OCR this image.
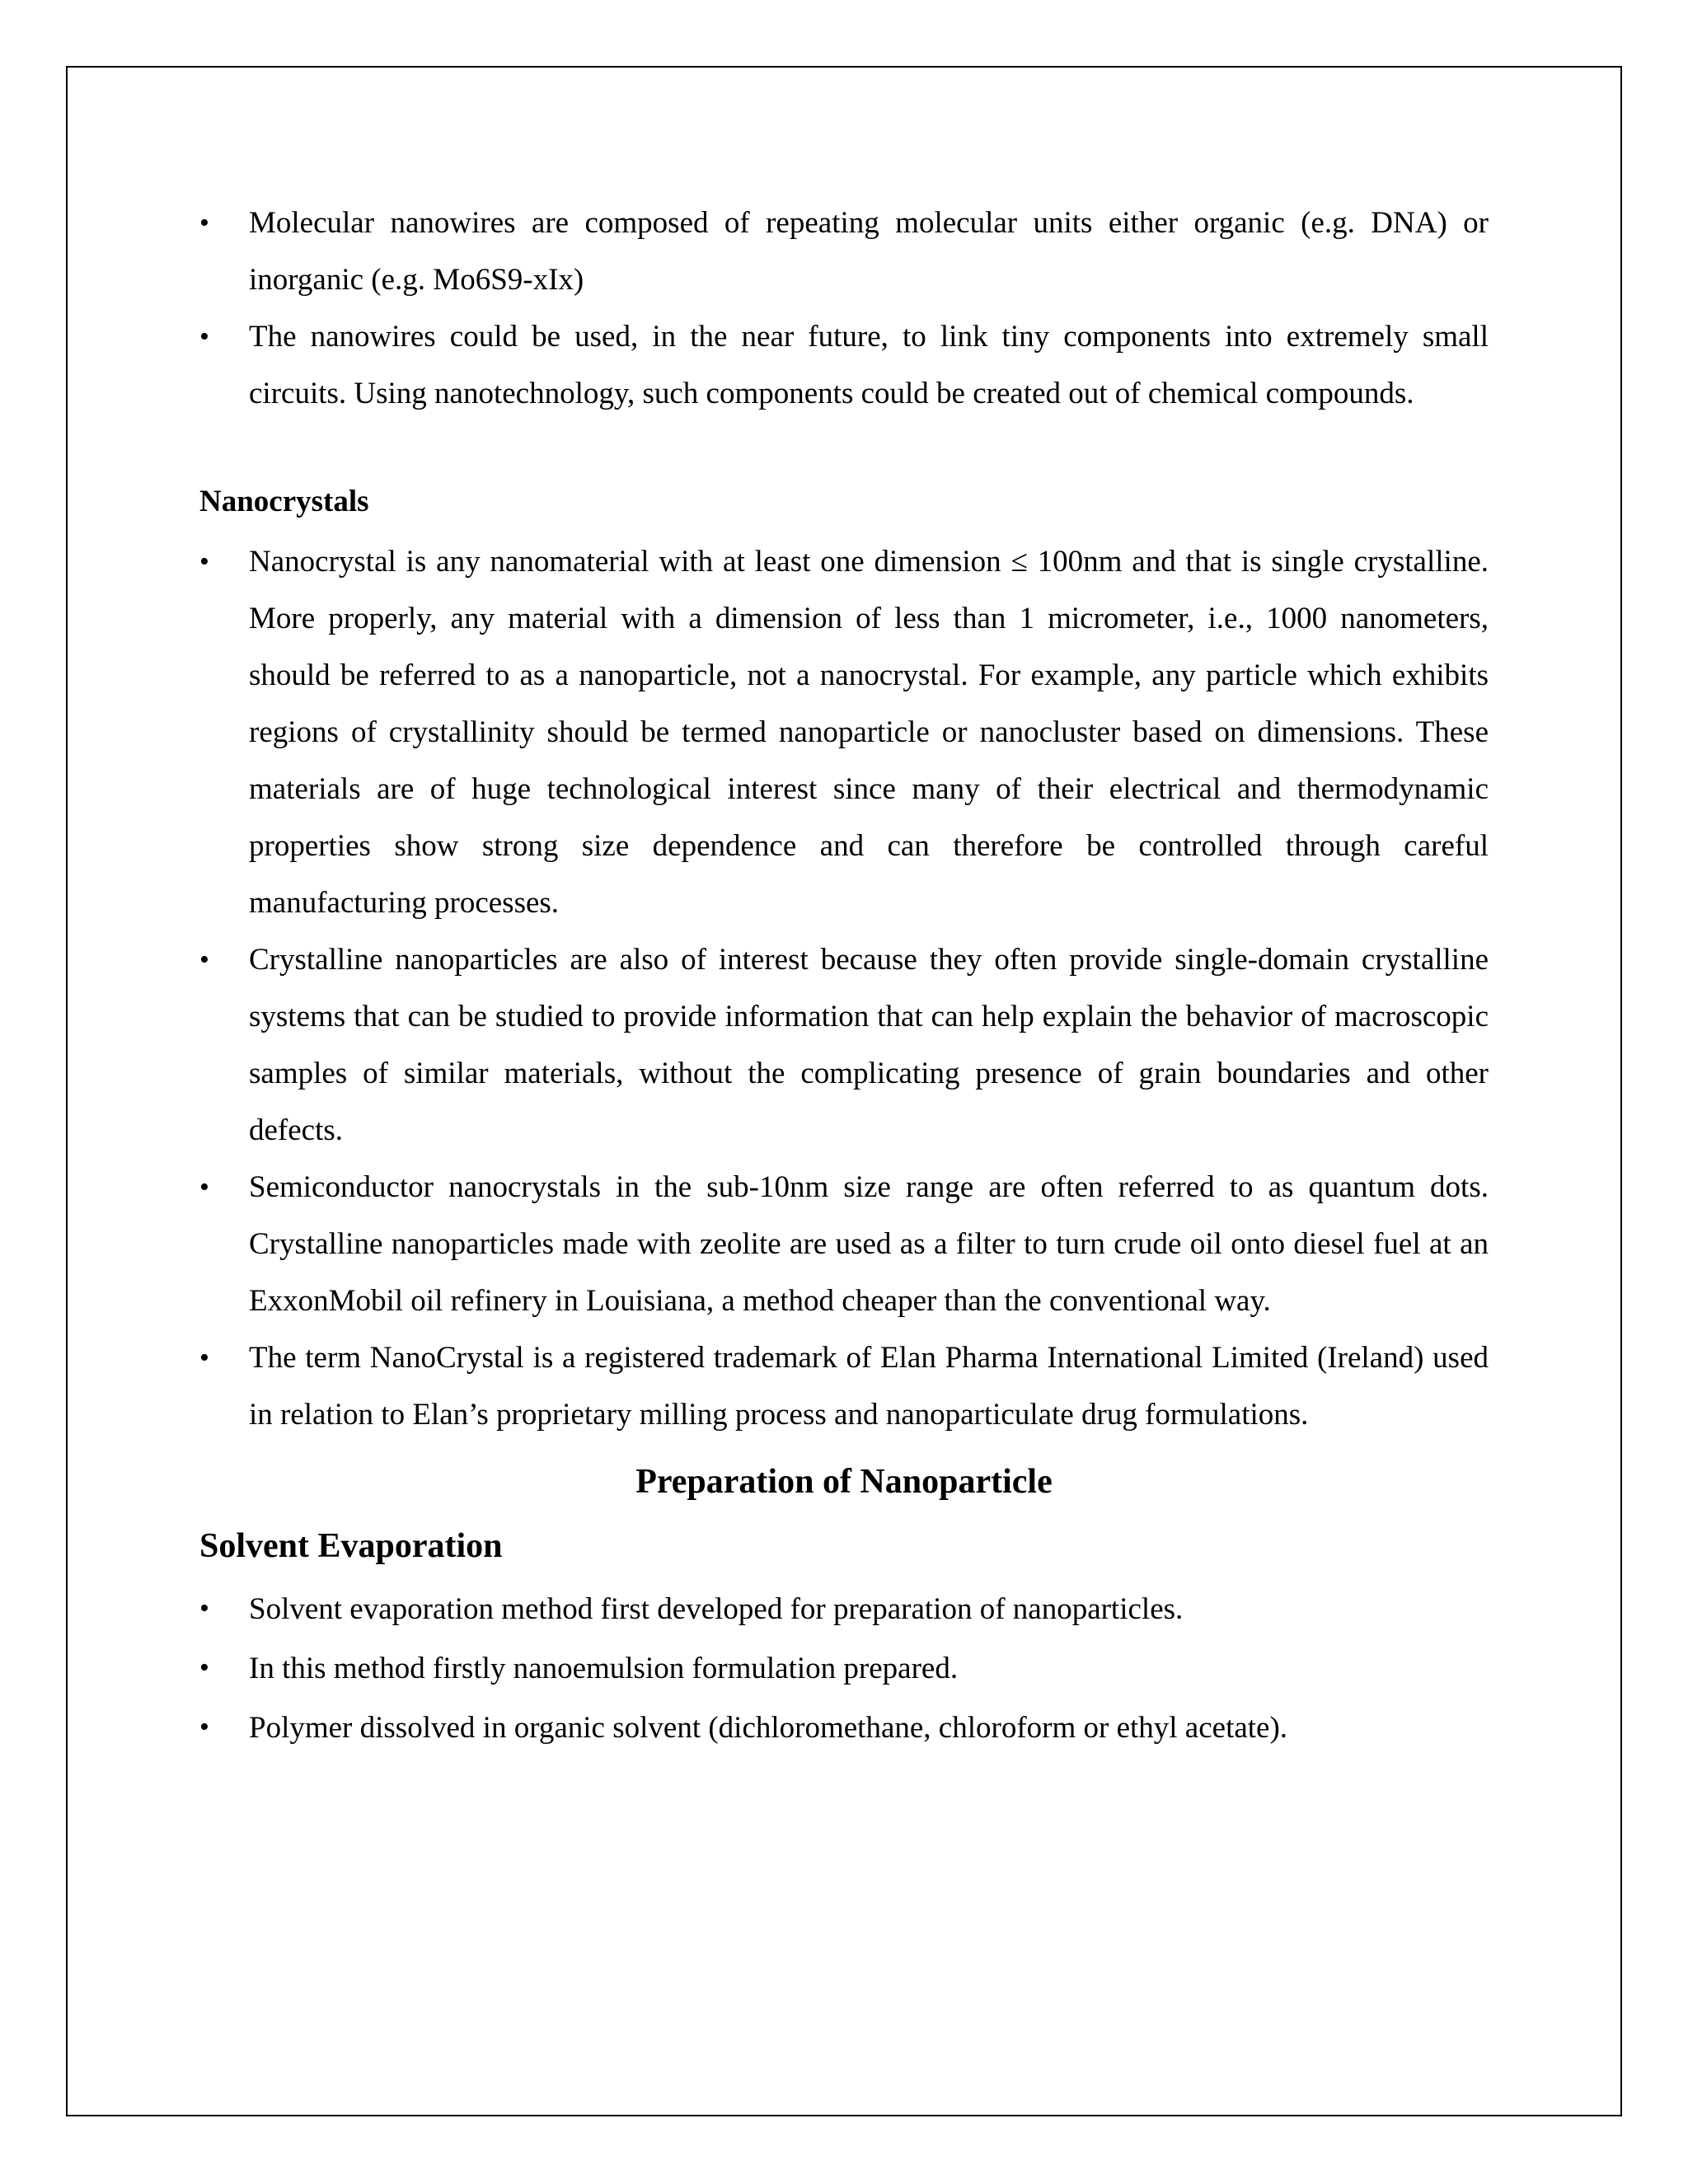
•	Molecular nanowires are composed of repeating molecular units either organic (e.g. DNA) or inorganic (e.g. Mo6S9-xIx)
•	The nanowires could be used, in the near future, to link tiny components into extremely small circuits. Using nanotechnology, such components could be created out of chemical compounds.
Nanocrystals
•	Nanocrystal is any nanomaterial with at least one dimension ≤ 100nm and that is single crystalline. More properly, any material with a dimension of less than 1 micrometer, i.e., 1000 nanometers, should be referred to as a nanoparticle, not a nanocrystal. For example, any particle which exhibits regions of crystallinity should be termed nanoparticle or nanocluster based on dimensions. These materials are of huge technological interest since many of their electrical and thermodynamic properties show strong size dependence and can therefore be controlled through careful manufacturing processes.
•	Crystalline nanoparticles are also of interest because they often provide single-domain crystalline systems that can be studied to provide information that can help explain the behavior of macroscopic samples of similar materials, without the complicating presence of grain boundaries and other defects.
•	Semiconductor nanocrystals in the sub-10nm size range are often referred to as quantum dots. Crystalline nanoparticles made with zeolite are used as a filter to turn crude oil onto diesel fuel at an ExxonMobil oil refinery in Louisiana, a method cheaper than the conventional way.
•	The term NanoCrystal is a registered trademark of Elan Pharma International Limited (Ireland) used in relation to Elan’s proprietary milling process and nanoparticulate drug formulations.
Preparation of Nanoparticle
Solvent Evaporation
•	Solvent evaporation method first developed for preparation of nanoparticles.
•	In this method firstly nanoemulsion formulation prepared.
•	Polymer dissolved in organic solvent (dichloromethane, chloroform or ethyl acetate).
